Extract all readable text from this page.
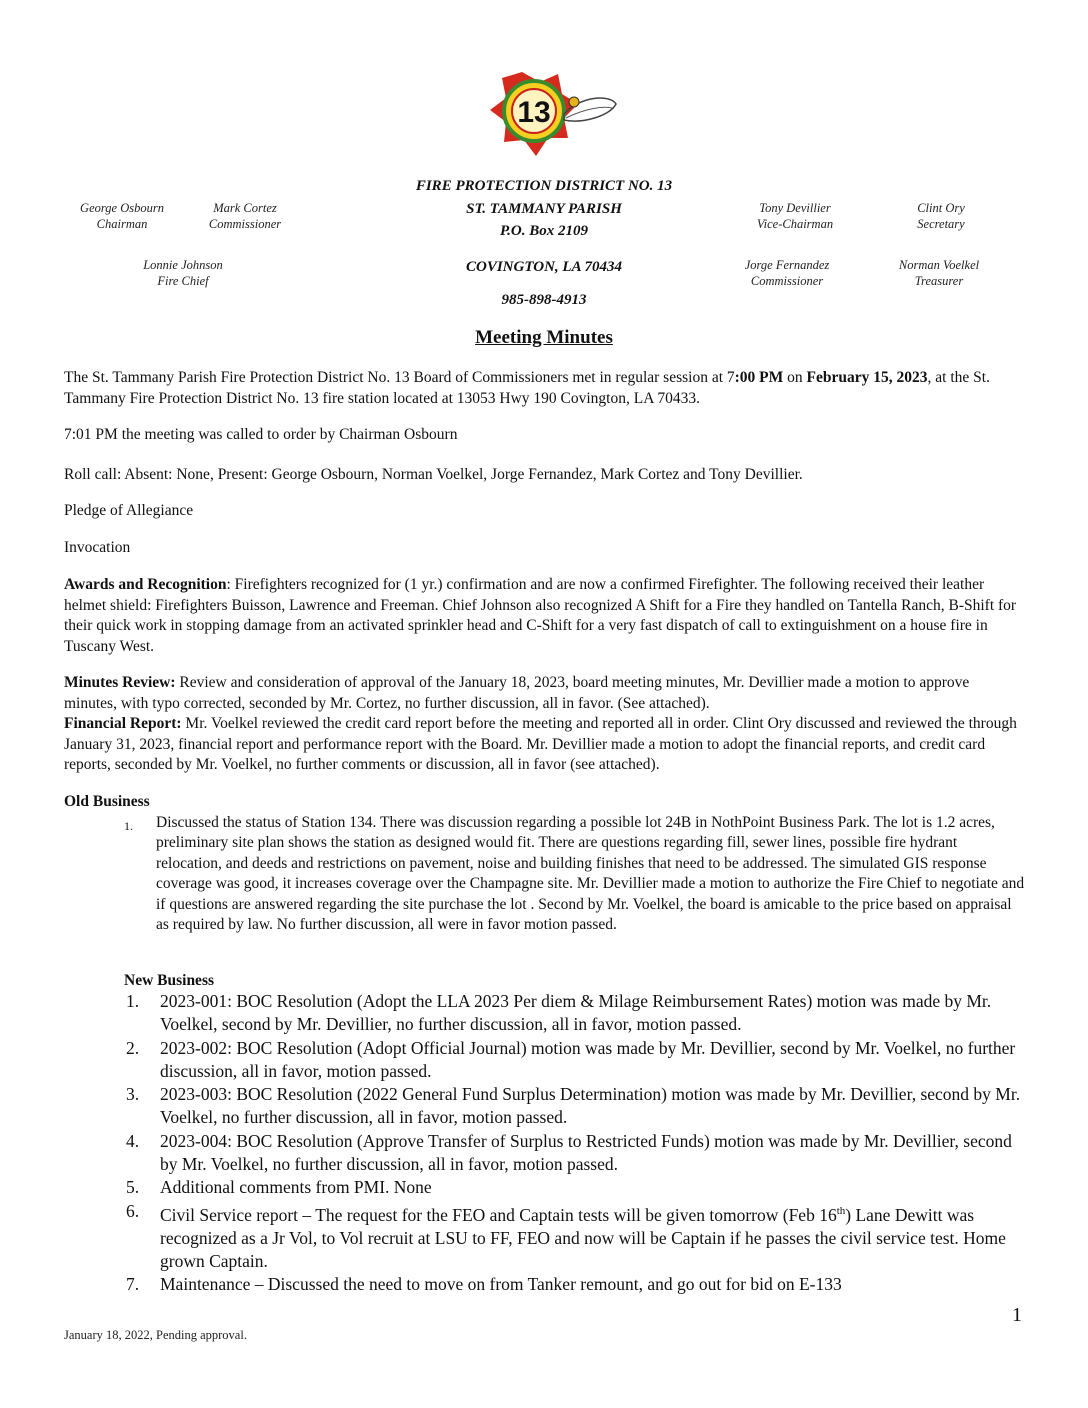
13
FIRE PROTECTION DISTRICT NO. 13
ST. TAMMANY PARISH
P.O. Box 2109
COVINGTON, LA 70434
985-898-4913
George Osbourn
Chairman
Mark Cortez
Commissioner
Lonnie Johnson
Fire Chief
Tony Devillier
Vice-Chairman
Clint Ory
Secretary
Jorge Fernandez
Commissioner
Norman Voelkel
Treasurer
Meeting Minutes

The St. Tammany Parish Fire Protection District No. 13 Board of Commissioners met in regular session at 7:00 PM on February 15, 2023, at the St. Tammany Fire Protection District No. 13 fire station located at 13053 Hwy 190 Covington, LA 70433.

7:01 PM the meeting was called to order by Chairman Osbourn
Roll call: Absent: None, Present: George Osbourn, Norman Voelkel, Jorge Fernandez, Mark Cortez and Tony Devillier.
Pledge of Allegiance
Invocation

Awards and Recognition: Firefighters recognized for (1 yr.) confirmation and are now a confirmed Firefighter. The following received their leather helmet shield: Firefighters Buisson, Lawrence and Freeman. Chief Johnson also recognized A Shift for a Fire they handled on Tantella Ranch, B-Shift for their quick work in stopping damage from an activated sprinkler head and C-Shift for a very fast dispatch of call to extinguishment on a house fire in Tuscany West.

Minutes Review: Review and consideration of approval of the January 18, 2023, board meeting minutes, Mr. Devillier made a motion to approve minutes, with typo corrected, seconded by Mr. Cortez, no further discussion, all in favor. (See attached).

Financial Report: Mr. Voelkel reviewed the credit card report before the meeting and reported all in order. Clint Ory discussed and reviewed the through January 31, 2023, financial report and performance report with the Board. Mr. Devillier made a motion to adopt the financial reports, and credit card reports, seconded by Mr. Voelkel, no further comments or discussion, all in favor (see attached).

Old Business
1. Discussed the status of Station 134. There was discussion regarding a possible lot 24B in NothPoint Business Park. The lot is 1.2 acres, preliminary site plan shows the station as designed would fit. There are questions regarding fill, sewer lines, possible fire hydrant relocation, and deeds and restrictions on pavement, noise and building finishes that need to be addressed. The simulated GIS response coverage was good, it increases coverage over the Champagne site. Mr. Devillier made a motion to authorize the Fire Chief to negotiate and if questions are answered regarding the site purchase the lot . Second by Mr. Voelkel, the board is amicable to the price based on appraisal as required by law. No further discussion, all were in favor motion passed.
New Business
1. 2023-001: BOC Resolution (Adopt the LLA 2023 Per diem & Milage Reimbursement Rates) motion was made by Mr. Voelkel, second by Mr. Devillier, no further discussion, all in favor, motion passed.
2. 2023-002: BOC Resolution (Adopt Official Journal) motion was made by Mr. Devillier, second by Mr. Voelkel, no further discussion, all in favor, motion passed.
3. 2023-003: BOC Resolution (2022 General Fund Surplus Determination) motion was made by Mr. Devillier, second by Mr. Voelkel, no further discussion, all in favor, motion passed.
4. 2023-004: BOC Resolution (Approve Transfer of Surplus to Restricted Funds) motion was made by Mr. Devillier, second by Mr. Voelkel, no further discussion, all in favor, motion passed.
5. Additional comments from PMI. None
6. Civil Service report – The request for the FEO and Captain tests will be given tomorrow (Feb 16th) Lane Dewitt was recognized as a Jr Vol, to Vol recruit at LSU to FF, FEO and now will be Captain if he passes the civil service test. Home grown Captain.
7. Maintenance – Discussed the need to move on from Tanker remount, and go out for bid on E-133
1
January 18, 2022, Pending approval.
